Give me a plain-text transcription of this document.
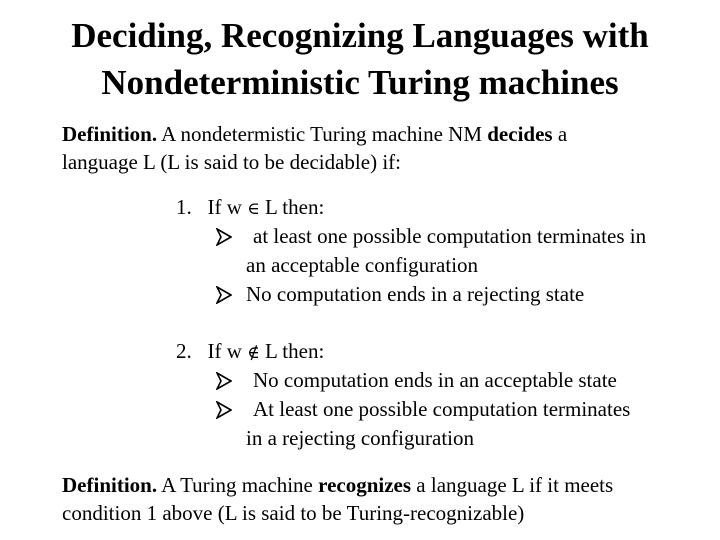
Deciding, Recognizing Languages with
Nondeterministic Turing machines
Definition. A nondetermistic Turing machine NM decides a
language L (L is said to be decidable) if:
1. If w ∈ L then:
at least one possible computation terminates in
an acceptable configuration
No computation ends in a rejecting state
2. If w ∉ L then:
No computation ends in an acceptable state
At least one possible computation terminates
in a rejecting configuration
Definition. A Turing machine recognizes a language L if it meets
condition 1 above (L is said to be Turing-recognizable)
